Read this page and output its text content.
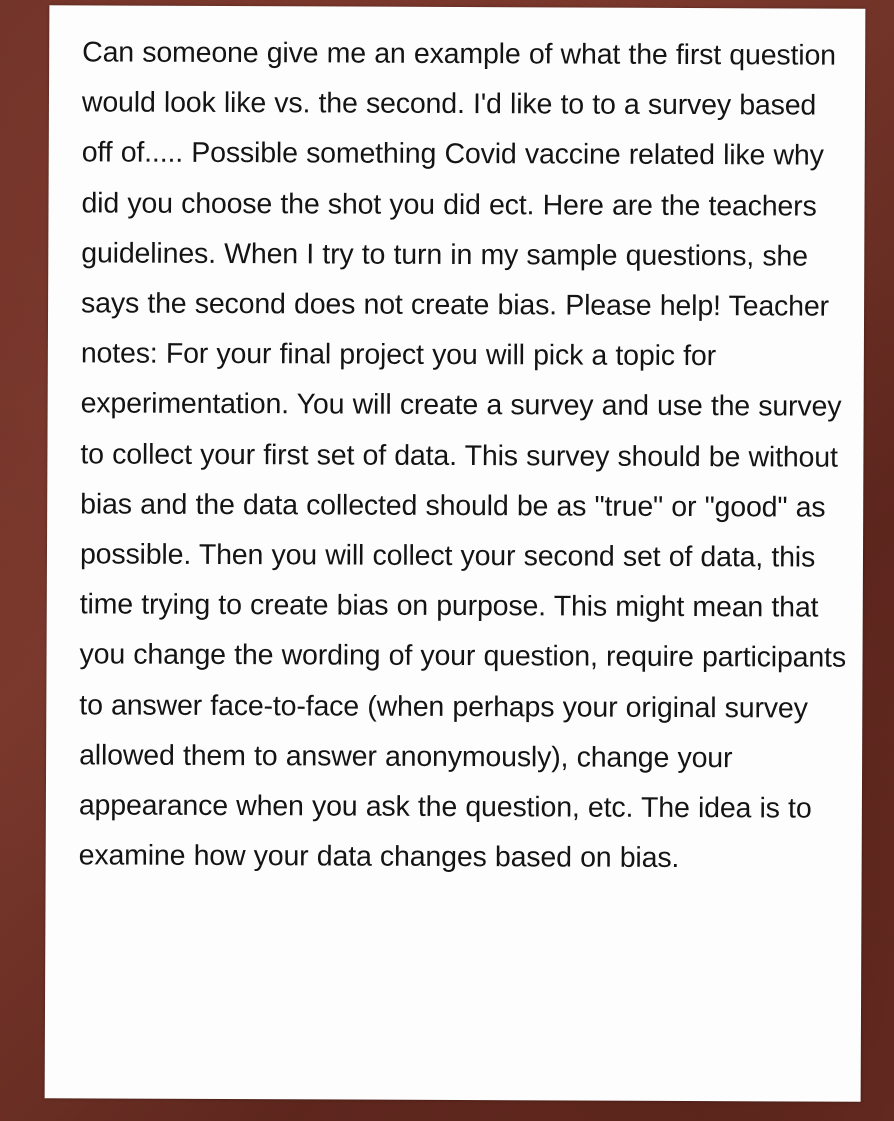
Can someone give me an example of what the first question would look like vs. the second. I'd like to to a survey based off of..... Possible something Covid vaccine related like why did you choose the shot you did ect. Here are the teachers guidelines. When I try to turn in my sample questions, she says the second does not create bias. Please help! Teacher notes: For your final project you will pick a topic for experimentation. You will create a survey and use the survey to collect your first set of data. This survey should be without bias and the data collected should be as "true" or "good" as possible. Then you will collect your second set of data, this time trying to create bias on purpose. This might mean that you change the wording of your question, require participants to answer face-to-face (when perhaps your original survey allowed them to answer anonymously), change your appearance when you ask the question, etc. The idea is to examine how your data changes based on bias.
